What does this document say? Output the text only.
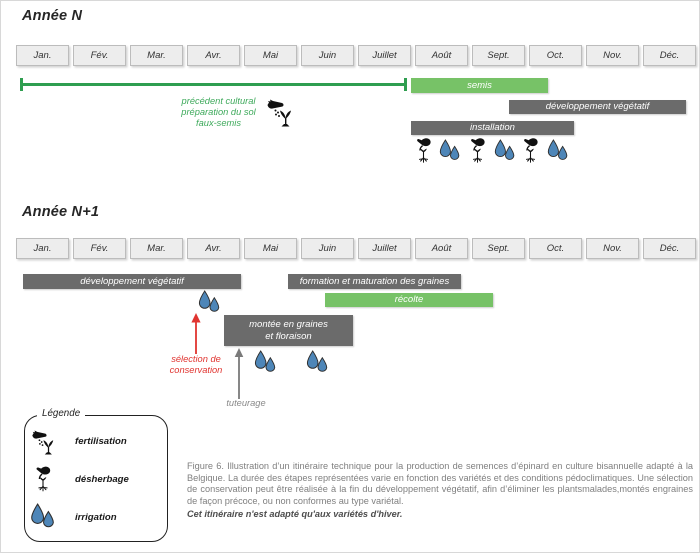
Année N
Jan.	Fév.	Mar.	Avr.	Mai	Juin	Juillet	Août	Sept.	Oct.	Nov.	Déc.
précédent cultural
préparation du sol
faux-semis
semis
développement végétatif
installation
Année N+1
Jan.	Fév.	Mar.	Avr.	Mai	Juin	Juillet	Août	Sept.	Oct.	Nov.	Déc.
développement végétatif	formation et maturation des graines
récolte
montée en graines
et floraison
sélection de
conservation
tuteurage
Légende
fertilisation
désherbage
irrigation

Figure 6. Illustration d’un itinéraire technique pour la production de semences d’épinard en culture bisannuelle adapté à la Belgique. La durée des étapes représentées varie en fonction des variétés et des conditions pédoclimatiques. Une sélection de conservation peut être réalisée à la fin du développement végétatif, afin d’éliminer les plantsmalades,montés engraines de façon précoce, ou non conformes au type variétal.

Cet itinéraire n'est adapté qu'aux variétés d'hiver.
